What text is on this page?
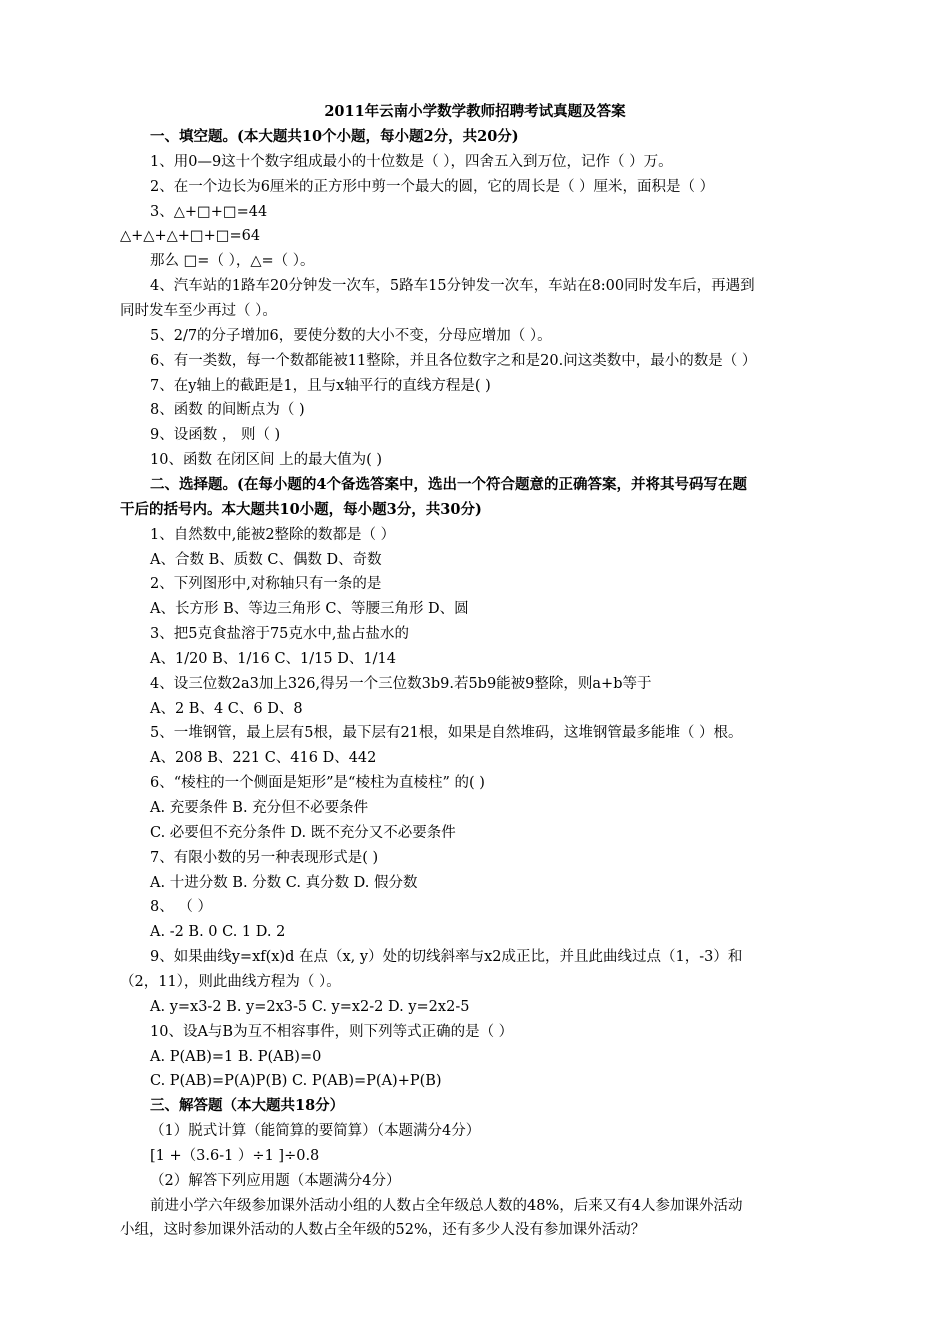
2011年云南小学数学教师招聘考试真题及答案
一、填空题。(本大题共10个小题，每小题2分，共20分)
1、用0—9这十个数字组成最小的十位数是（ ），四舍五入到万位，记作（ ）万。
2、在一个边长为6厘米的正方形中剪一个最大的圆，它的周长是（ ）厘米，面积是（ ）
3、△+□+□=44
△+△+△+□+□=64
那么 □=（ ），△=（ ）。
4、汽车站的1路车20分钟发一次车，5路车15分钟发一次车，车站在8:00同时发车后，再遇到
同时发车至少再过（ ）。
5、2/7的分子增加6，要使分数的大小不变，分母应增加（ ）。
6、有一类数，每一个数都能被11整除，并且各位数字之和是20.问这类数中，最小的数是（ ）
7、在y轴上的截距是1，且与x轴平行的直线方程是( )
8、函数 的间断点为（ )
9、设函数 ， 则（ )
10、函数 在闭区间 上的最大值为( )
二、选择题。(在每小题的4个备选答案中，选出一个符合题意的正确答案，并将其号码写在题
干后的括号内。本大题共10小题，每小题3分，共30分)
1、自然数中,能被2整除的数都是（ ）
A、合数 B、质数 C、偶数 D、奇数
2、下列图形中,对称轴只有一条的是
A、长方形 B、等边三角形 C、等腰三角形 D、圆
3、把5克食盐溶于75克水中,盐占盐水的
A、1/20 B、1/16 C、1/15 D、1/14
4、设三位数2a3加上326,得另一个三位数3b9.若5b9能被9整除，则a+b等于
A、2 B、4 C、6 D、8
5、一堆钢管，最上层有5根，最下层有21根，如果是自然堆码，这堆钢管最多能堆（ ）根。
A、208 B、221 C、416 D、442
6、“棱柱的一个侧面是矩形”是“棱柱为直棱柱” 的( )
A. 充要条件 B. 充分但不必要条件
C. 必要但不充分条件 D. 既不充分又不必要条件
7、有限小数的另一种表现形式是( )
A. 十进分数 B. 分数 C. 真分数 D. 假分数
8、 （ ）
A. -2 B. 0 C. 1 D. 2
9、如果曲线y=xf(x)d 在点（x, y）处的切线斜率与x2成正比，并且此曲线过点（1，-3）和
（2，11），则此曲线方程为（ ）。
A. y=x3-2 B. y=2x3-5 C. y=x2-2 D. y=2x2-5
10、设A与B为互不相容事件，则下列等式正确的是（ ）
A. P(AB)=1 B. P(AB)=0
C. P(AB)=P(A)P(B) C. P(AB)=P(A)+P(B)
三、解答题（本大题共18分）
（1）脱式计算（能简算的要简算）（本题满分4分）
[1 +（3.6-1 ）÷1 ]÷0.8
（2）解答下列应用题（本题满分4分）
前进小学六年级参加课外活动小组的人数占全年级总人数的48%，后来又有4人参加课外活动
小组，这时参加课外活动的人数占全年级的52%，还有多少人没有参加课外活动？
